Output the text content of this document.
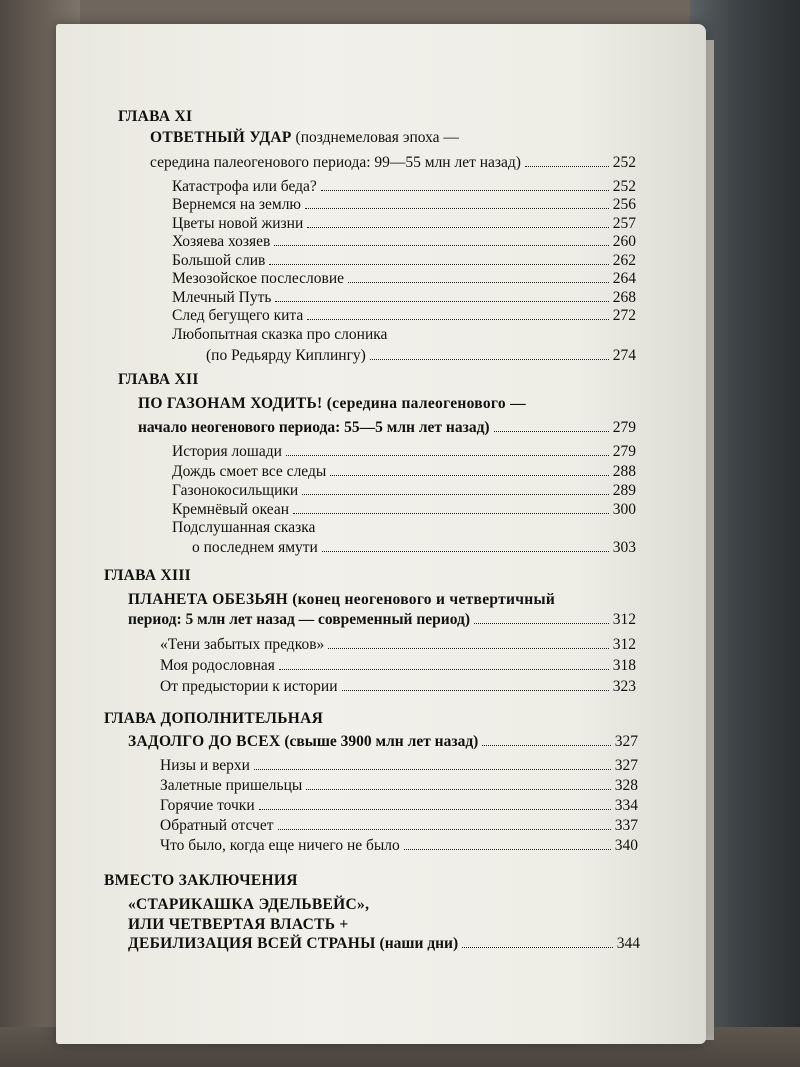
ГЛАВА XI
ОТВЕТНЫЙ УДАР (позднемеловая эпоха —
середина палеогенового периода: 99—55 млн лет назад)	252
Катастрофа или беда?	252
Вернемся на землю	256
Цветы новой жизни	257
Хозяева хозяев	260
Большой слив	262
Мезозойское послесловие	264
Млечный Путь	268
След бегущего кита	272
Любопытная сказка про слоника
(по Редьярду Киплингу)	274
ГЛАВА XII
ПО ГАЗОНАМ ХОДИТЬ! (середина палеогенового —
начало неогенового периода: 55—5 млн лет назад)	279
История лошади	279
Дождь смоет все следы	288
Газонокосильщики	289
Кремнёвый океан	300
Подслушанная сказка
о последнем ямути	303
ГЛАВА XIII
ПЛАНЕТА ОБЕЗЬЯН (конец неогенового и четвертичный
период: 5 млн лет назад — современный период)	312
«Тени забытых предков»	312
Моя родословная	318
От предыстории к истории	323
ГЛАВА ДОПОЛНИТЕЛЬНАЯ
ЗАДОЛГО ДО ВСЕХ (свыше 3900 млн лет назад)	327
Низы и верхи	327
Залетные пришельцы	328
Горячие точки	334
Обратный отсчет	337
Что было, когда еще ничего не было	340
ВМЕСТО ЗАКЛЮЧЕНИЯ
«СТАРИКАШКА ЭДЕЛЬВЕЙС»,
ИЛИ ЧЕТВЕРТАЯ ВЛАСТЬ +
ДЕБИЛИЗАЦИЯ ВСЕЙ СТРАНЫ (наши дни)	344
